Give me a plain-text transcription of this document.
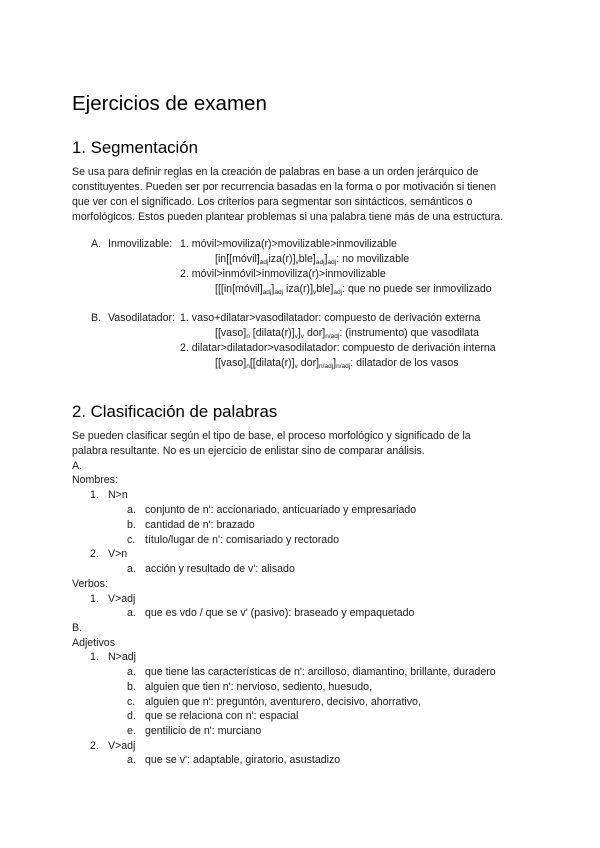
Ejercicios de examen
1. Segmentación
Se usa para definir reglas en la creación de palabras en base a un orden jerárquico de
constituyentes. Pueden ser por recurrencia basadas en la forma o por motivación si tienen
que ver con el significado. Los criterios para segmentar son sintácticos, semánticos o
morfológicos. Estos pueden plantear problemas si una palabra tiene más de una estructura.
A. Inmovilizable: 1. móvil>moviliza(r)>movilizable>inmovilizable
$[in[[móvil]_{adj}iza(r)]_vble]_{adj}]_{adj}$: no movilizable
2. móvil>inmóvil>inmoviliza(r)>inmovilizable
[[$[in[móvil]_{adj}]_{adj}$ $iza(r)]_vble]_{adj}$: que no puede ser inmovilizado
B. Vasodilatador: 1. vaso+dilatar>vasodilatador: compuesto de derivación externa
[$[vaso]_n$ $[dilata(r)]_v]_v$ $dor]_{n/adj}$: (instrumento) que vasodilata
2. dilatar>dilatador>vasodilatador: compuesto de derivación interna
[$[vaso]_n[[dilata(r)]_v$ $dor]_{n/adj}]_{n/adj}$: dilatador de los vasos
2. Clasificación de palabras
Se pueden clasificar según el tipo de base, el proceso morfológico y significado de la
palabra resultante. No es un ejercicio de enlistar sino de comparar análisis.
A.
Nombres:
1. N>n
a. conjunto de n': accionariado, anticuariado y empresariado
b. cantidad de n': brazado
c. título/lugar de n': comisariado y rectorado
2. V>n
a. acción y resultado de v': alisado
Verbos:
1. V>adj
a. que es vdo / que se v' (pasivo): braseado y empaquetado
B.
Adjetivos
1. N>adj
a. que tiene las características de n': arcilloso, diamantino, brillante, duradero
b. alguien que tien n': nervioso, sediento, huesudo,
c. alguien que n': preguntón, aventurero, decisivo, ahorrativo,
d. que se relaciona con n': espacial
e. gentilicio de n': murciano
2. V>adj
a. que se v': adaptable, giratorio, asustadizo
